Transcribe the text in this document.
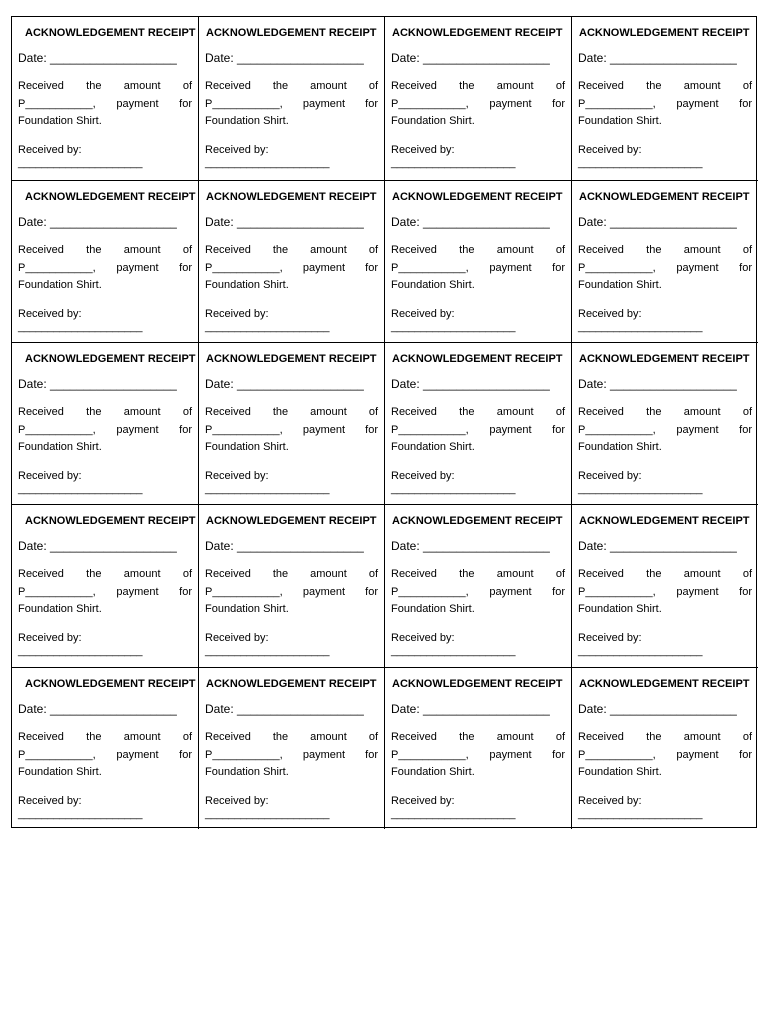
ACKNOWLEDGEMENT RECEIPT
Date: ___________________
Received the amount of
P___________, payment for
Foundation Shirt.
Received by:
_____________________
ACKNOWLEDGEMENT RECEIPT
Date: ___________________
Received the amount of
P___________, payment for
Foundation Shirt.
Received by:
_____________________
ACKNOWLEDGEMENT RECEIPT
Date: ___________________
Received the amount of
P___________, payment for
Foundation Shirt.
Received by:
_____________________
ACKNOWLEDGEMENT RECEIPT
Date: ___________________
Received the amount of
P___________, payment for
Foundation Shirt.
Received by:
_____________________
ACKNOWLEDGEMENT RECEIPT
Date: ___________________
Received the amount of
P___________, payment for
Foundation Shirt.
Received by:
_____________________
ACKNOWLEDGEMENT RECEIPT
Date: ___________________
Received the amount of
P___________, payment for
Foundation Shirt.
Received by:
_____________________
ACKNOWLEDGEMENT RECEIPT
Date: ___________________
Received the amount of
P___________, payment for
Foundation Shirt.
Received by:
_____________________
ACKNOWLEDGEMENT RECEIPT
Date: ___________________
Received the amount of
P___________, payment for
Foundation Shirt.
Received by:
_____________________
ACKNOWLEDGEMENT RECEIPT
Date: ___________________
Received the amount of
P___________, payment for
Foundation Shirt.
Received by:
_____________________
ACKNOWLEDGEMENT RECEIPT
Date: ___________________
Received the amount of
P___________, payment for
Foundation Shirt.
Received by:
_____________________
ACKNOWLEDGEMENT RECEIPT
Date: ___________________
Received the amount of
P___________, payment for
Foundation Shirt.
Received by:
_____________________
ACKNOWLEDGEMENT RECEIPT
Date: ___________________
Received the amount of
P___________, payment for
Foundation Shirt.
Received by:
_____________________
ACKNOWLEDGEMENT RECEIPT
Date: ___________________
Received the amount of
P___________, payment for
Foundation Shirt.
Received by:
_____________________
ACKNOWLEDGEMENT RECEIPT
Date: ___________________
Received the amount of
P___________, payment for
Foundation Shirt.
Received by:
_____________________
ACKNOWLEDGEMENT RECEIPT
Date: ___________________
Received the amount of
P___________, payment for
Foundation Shirt.
Received by:
_____________________
ACKNOWLEDGEMENT RECEIPT
Date: ___________________
Received the amount of
P___________, payment for
Foundation Shirt.
Received by:
_____________________
ACKNOWLEDGEMENT RECEIPT
Date: ___________________
Received the amount of
P___________, payment for
Foundation Shirt.
Received by:
_____________________
ACKNOWLEDGEMENT RECEIPT
Date: ___________________
Received the amount of
P___________, payment for
Foundation Shirt.
Received by:
_____________________
ACKNOWLEDGEMENT RECEIPT
Date: ___________________
Received the amount of
P___________, payment for
Foundation Shirt.
Received by:
_____________________
ACKNOWLEDGEMENT RECEIPT
Date: ___________________
Received the amount of
P___________, payment for
Foundation Shirt.
Received by:
_____________________
